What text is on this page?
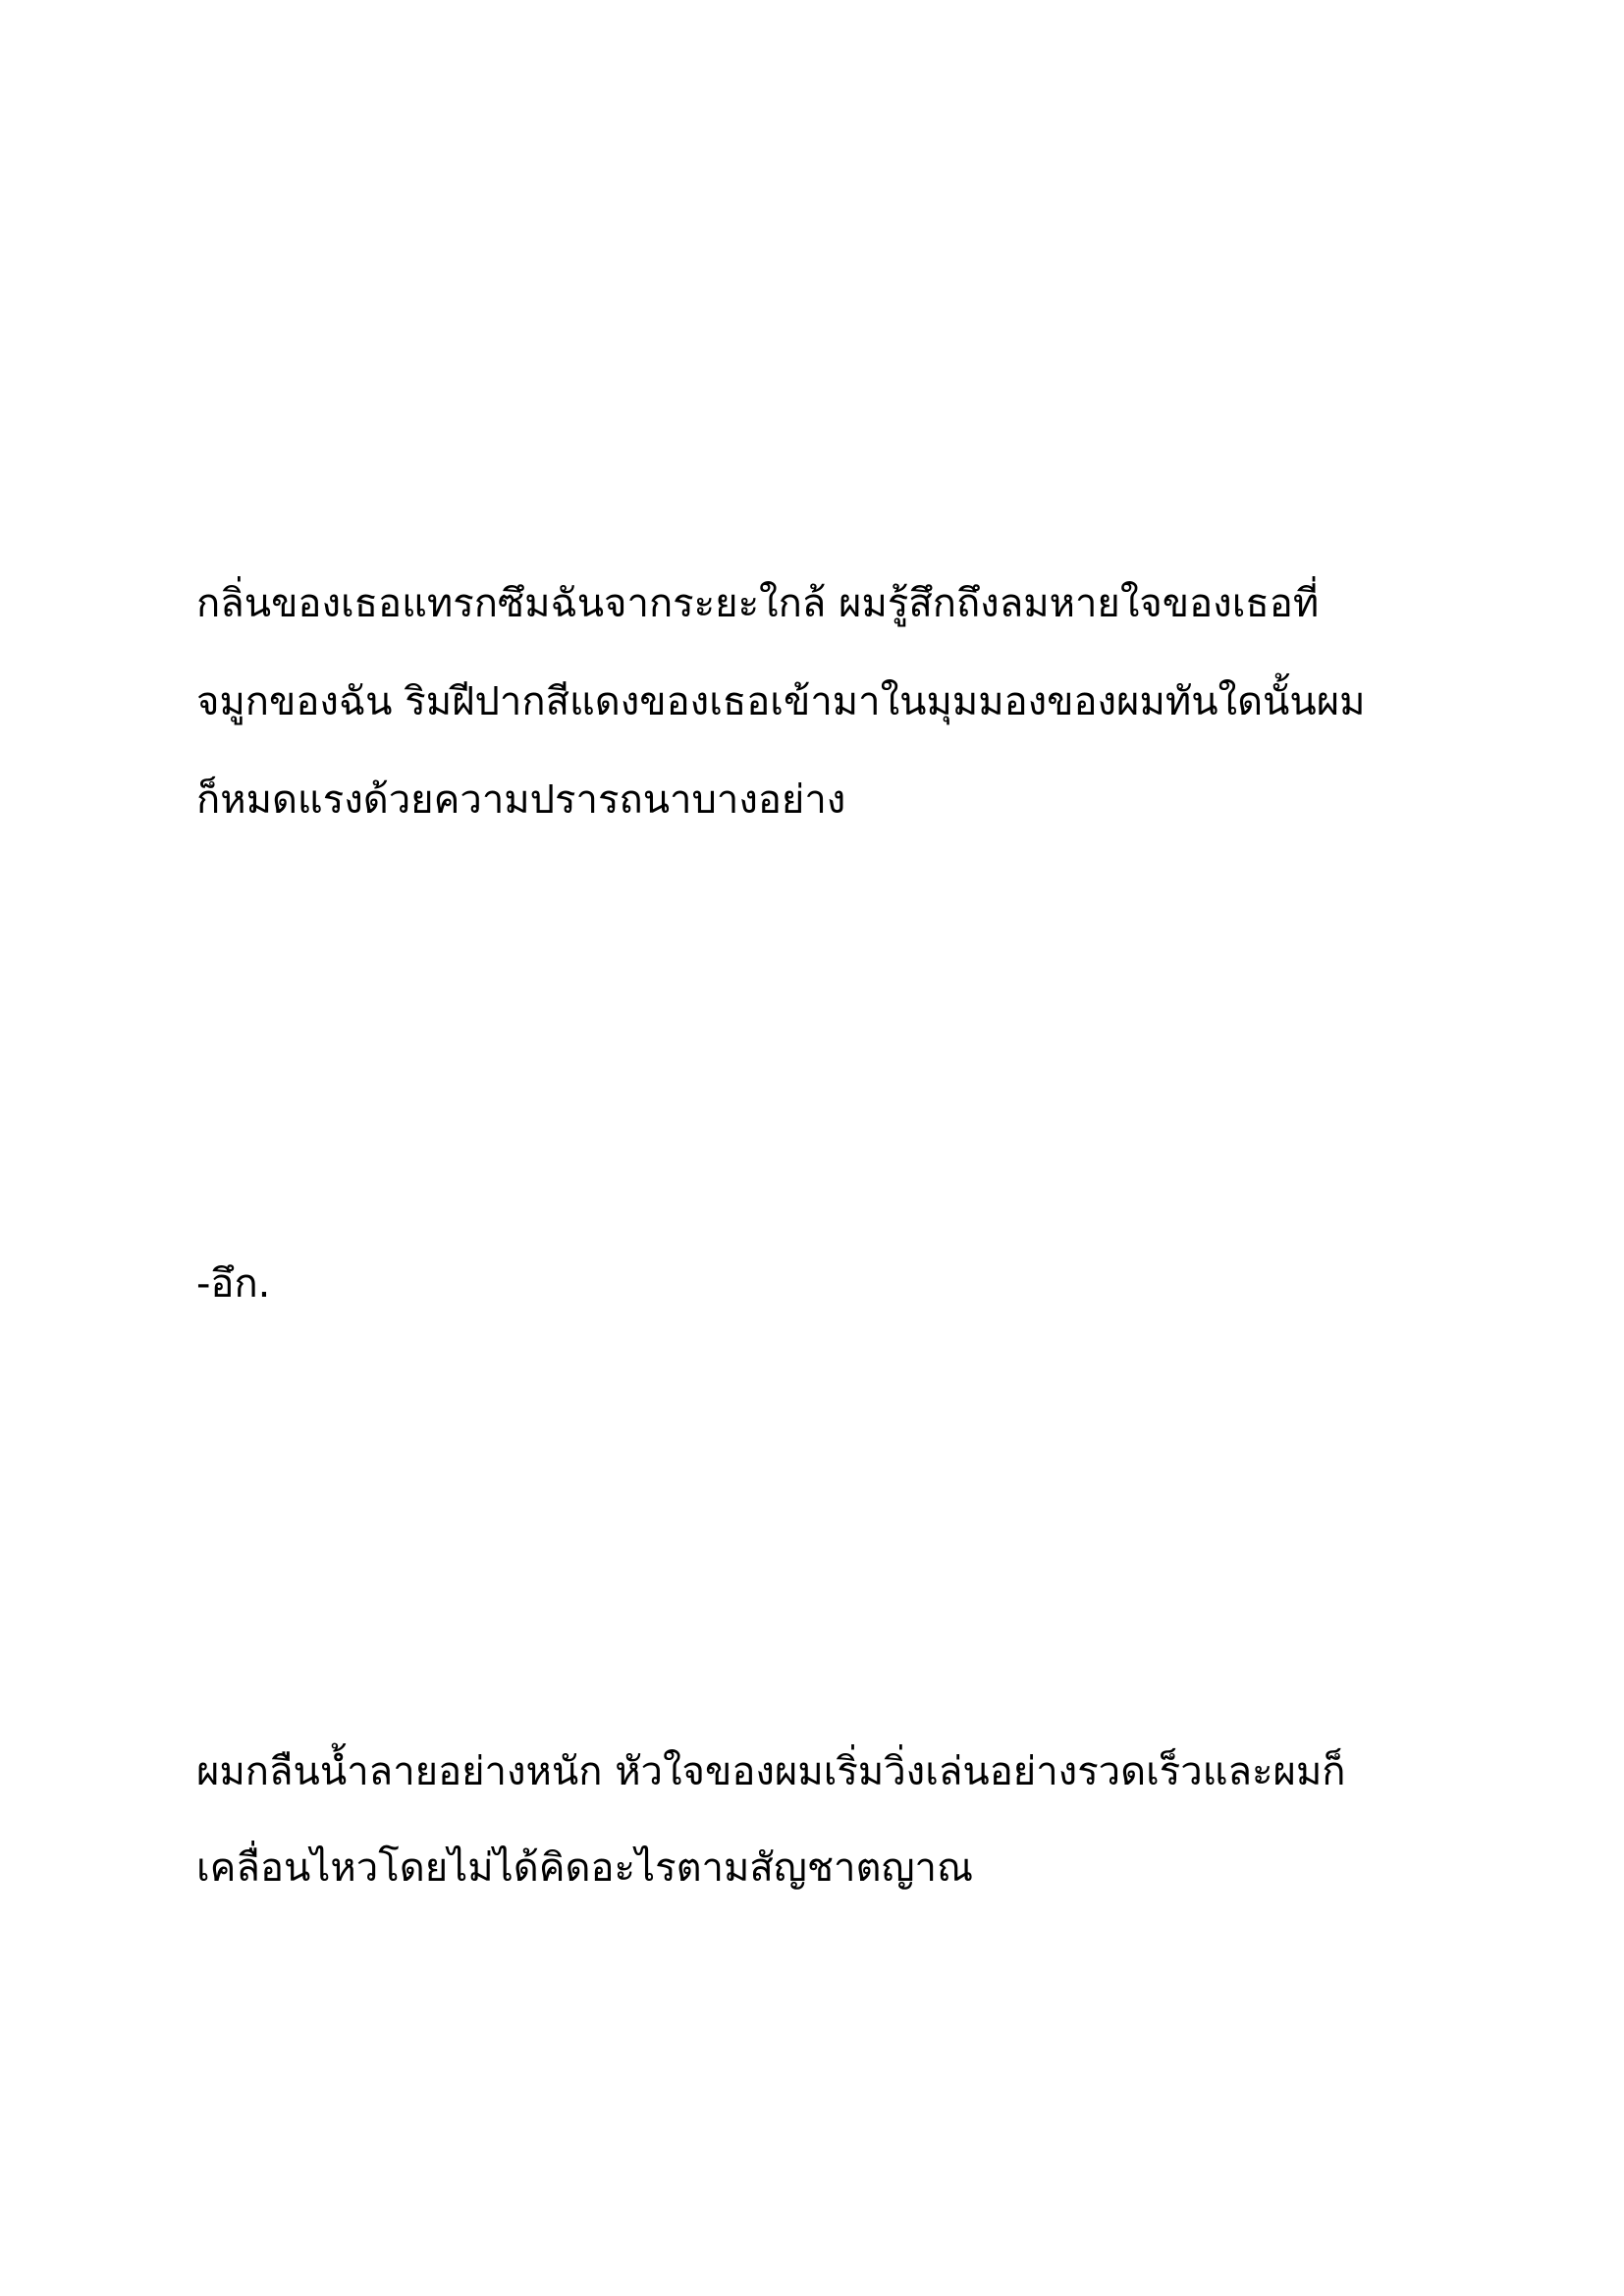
กลิ่นของเธอแทรกซึมฉันจากระยะใกล้ ผมรู้สึกถึงลมหายใจของเธอที่
จมูกของฉัน ริมฝีปากสีแดงของเธอเข้ามาในมุมมองของผมทันใดนั้นผม
ก็หมดแรงด้วยความปรารถนาบางอย่าง
-อึก.
ผมกลืนน้ำลายอย่างหนัก หัวใจของผมเริ่มวิ่งเล่นอย่างรวดเร็วและผมก็
เคลื่อนไหวโดยไม่ได้คิดอะไรตามสัญชาตญาณ
